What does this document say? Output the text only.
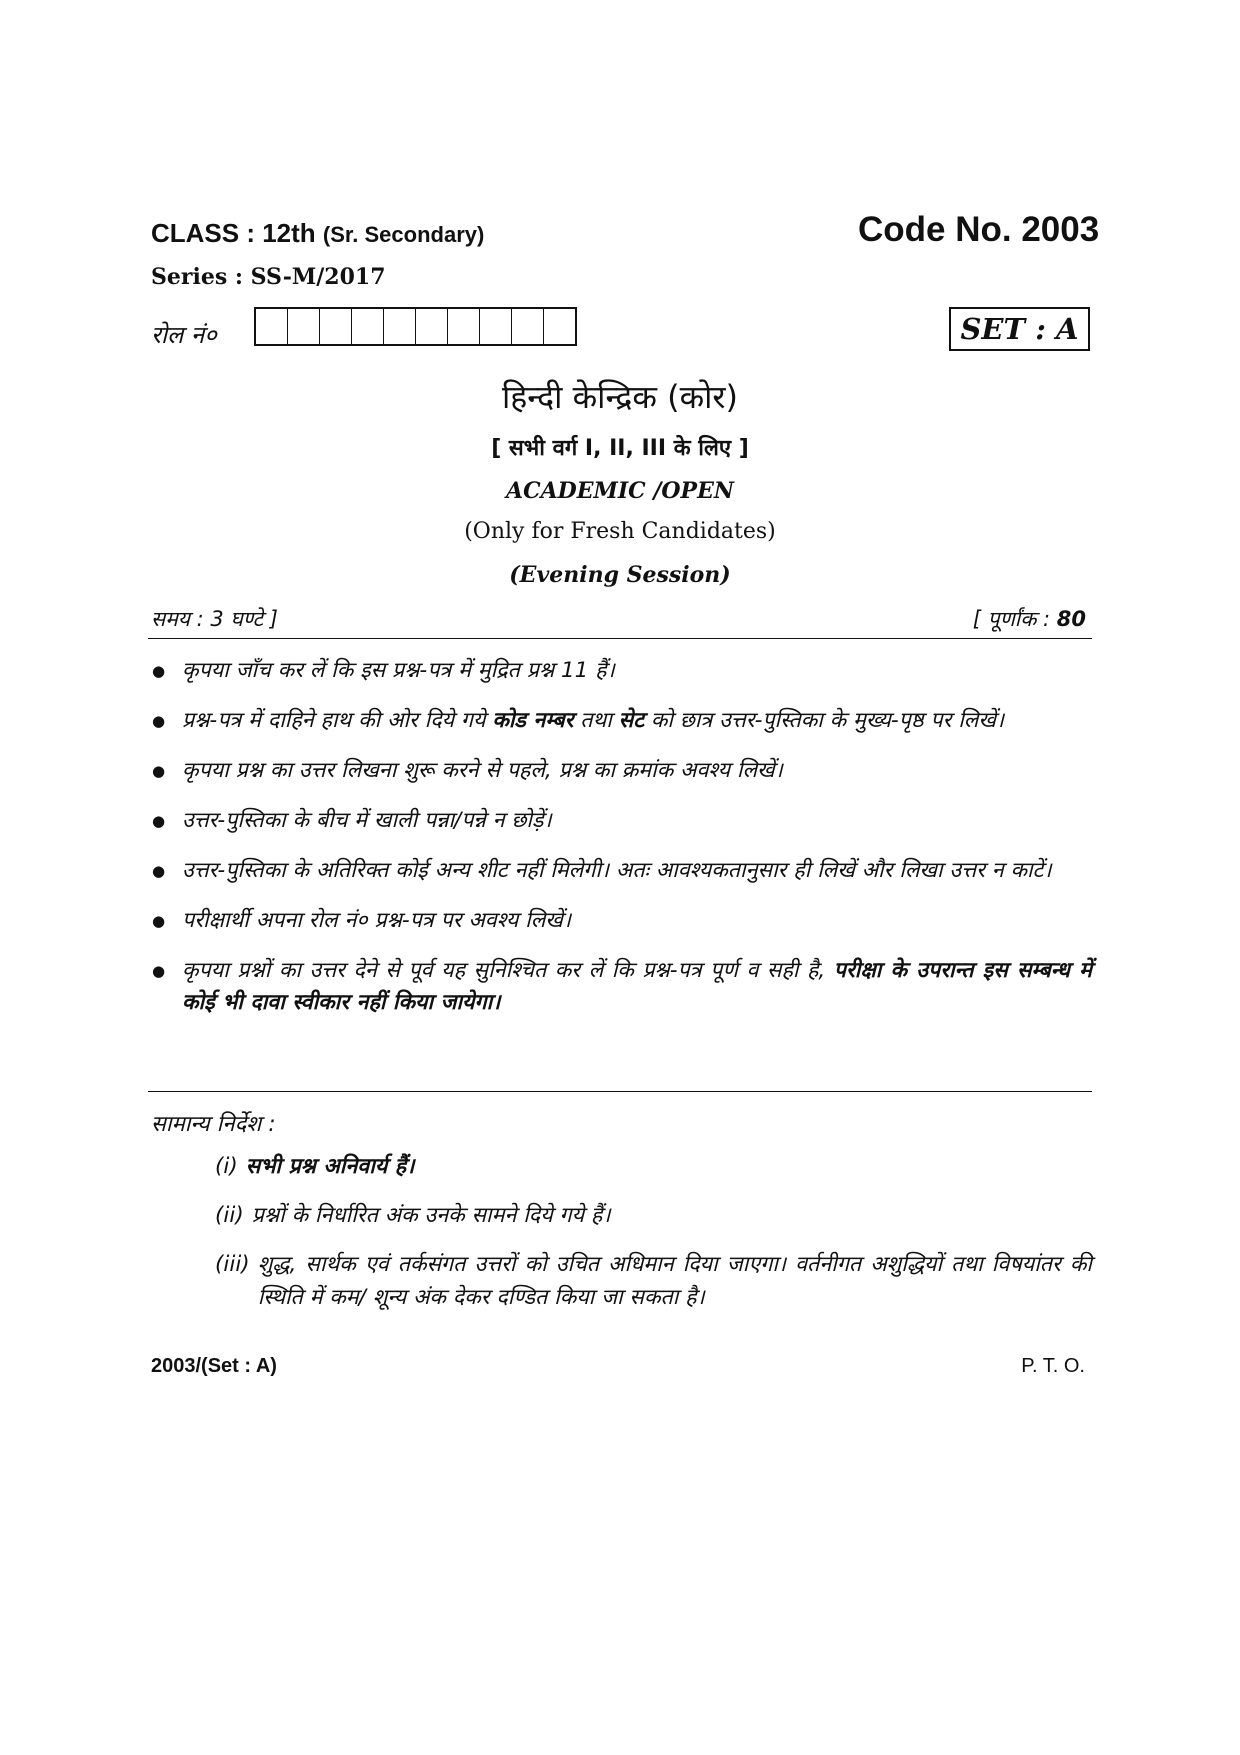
CLASS : 12th (Sr. Secondary)	Code No. 2003
Series : SS-M/2017
रोल नं०	SET : A
हिन्दी केन्द्रिक (कोर)
[ सभी वर्ग I, II, III के लिए ]
ACADEMIC /OPEN
(Only for Fresh Candidates)
(Evening Session)
समय : 3 घण्टे ]	[ पूर्णांक : 80
● कृपया जाँच कर लें कि इस प्रश्न-पत्र में मुद्रित प्रश्न 11 हैं।
● प्रश्न-पत्र में दाहिने हाथ की ओर दिये गये कोड नम्बर तथा सेट को छात्र उत्तर-पुस्तिका के मुख्य-पृष्ठ पर लिखें।
● कृपया प्रश्न का उत्तर लिखना शुरू करने से पहले, प्रश्न का क्रमांक अवश्य लिखें।
● उत्तर-पुस्तिका के बीच में खाली पन्ना/पन्ने न छोड़ें।
● उत्तर-पुस्तिका के अतिरिक्त कोई अन्य शीट नहीं मिलेगी। अतः आवश्यकतानुसार ही लिखें और लिखा उत्तर न काटें।
● परीक्षार्थी अपना रोल नं० प्रश्न-पत्र पर अवश्य लिखें।
● कृपया प्रश्नों का उत्तर देने से पूर्व यह सुनिश्चित कर लें कि प्रश्न-पत्र पूर्ण व सही है, परीक्षा के उपरान्त इस सम्बन्ध में कोई भी दावा स्वीकार नहीं किया जायेगा।
सामान्य निर्देश :
(i) सभी प्रश्न अनिवार्य हैं।
(ii) प्रश्नों के निर्धारित अंक उनके सामने दिये गये हैं।
(iii) शुद्ध, सार्थक एवं तर्कसंगत उत्तरों को उचित अधिमान दिया जाएगा। वर्तनीगत अशुद्धियों तथा विषयांतर की स्थिति में कम/ शून्य अंक देकर दण्डित किया जा सकता है।
2003/(Set : A)	P. T. O.
